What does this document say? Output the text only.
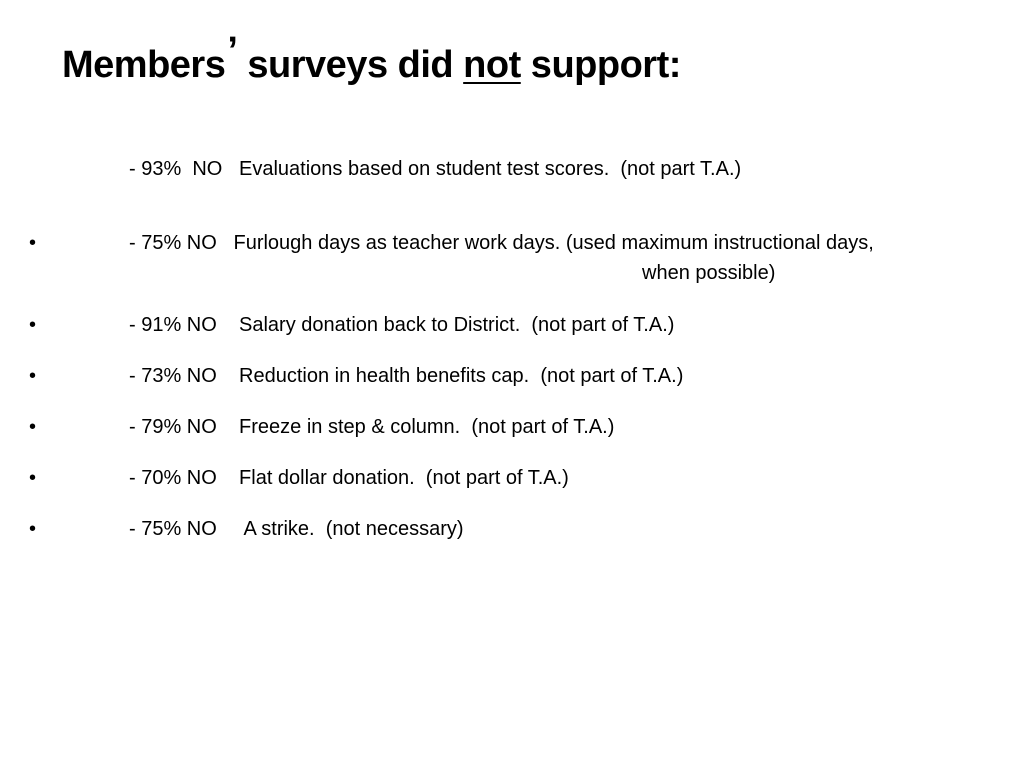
Members’ surveys did not support:
- 93%  NO   Evaluations based on student test scores.  (not part T.A.)
•	- 75% NO   Furlough days as teacher work days. (used maximum instructional days,
when possible)
•	- 91% NO    Salary donation back to District.  (not part of T.A.)
•	- 73% NO    Reduction in health benefits cap.  (not part of T.A.)
•	- 79% NO    Freeze in step & column.  (not part of T.A.)
•	- 70% NO    Flat dollar donation.  (not part of T.A.)
•	- 75% NO     A strike.  (not necessary)
